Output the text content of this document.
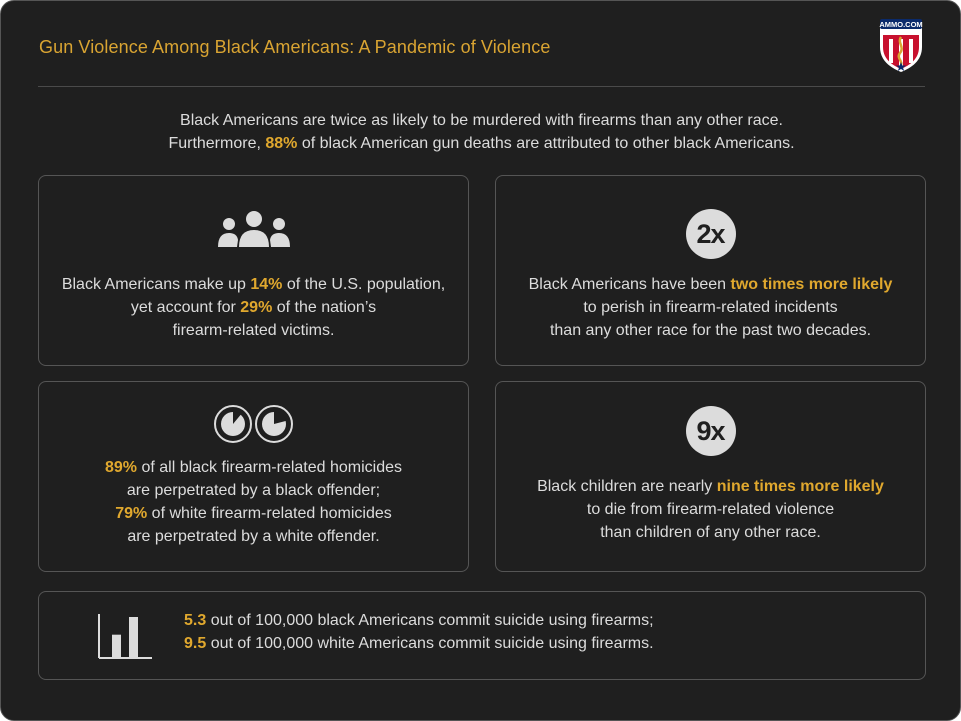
Gun Violence Among Black Americans: A Pandemic of Violence
AMMO.COM
Black Americans are twice as likely to be murdered with firearms than any other race.
Furthermore, 88% of black American gun deaths are attributed to other black Americans.
Black Americans make up 14% of the U.S. population,
yet account for 29% of the nation’s
firearm-related victims.
2x
Black Americans have been two times more likely
to perish in firearm-related incidents
than any other race for the past two decades.
89% of all black firearm-related homicides
are perpetrated by a black offender;
79% of white firearm-related homicides
are perpetrated by a white offender.
9x
Black children are nearly nine times more likely
to die from firearm-related violence
than children of any other race.
5.3 out of 100,000 black Americans commit suicide using firearms;
9.5 out of 100,000 white Americans commit suicide using firearms.
